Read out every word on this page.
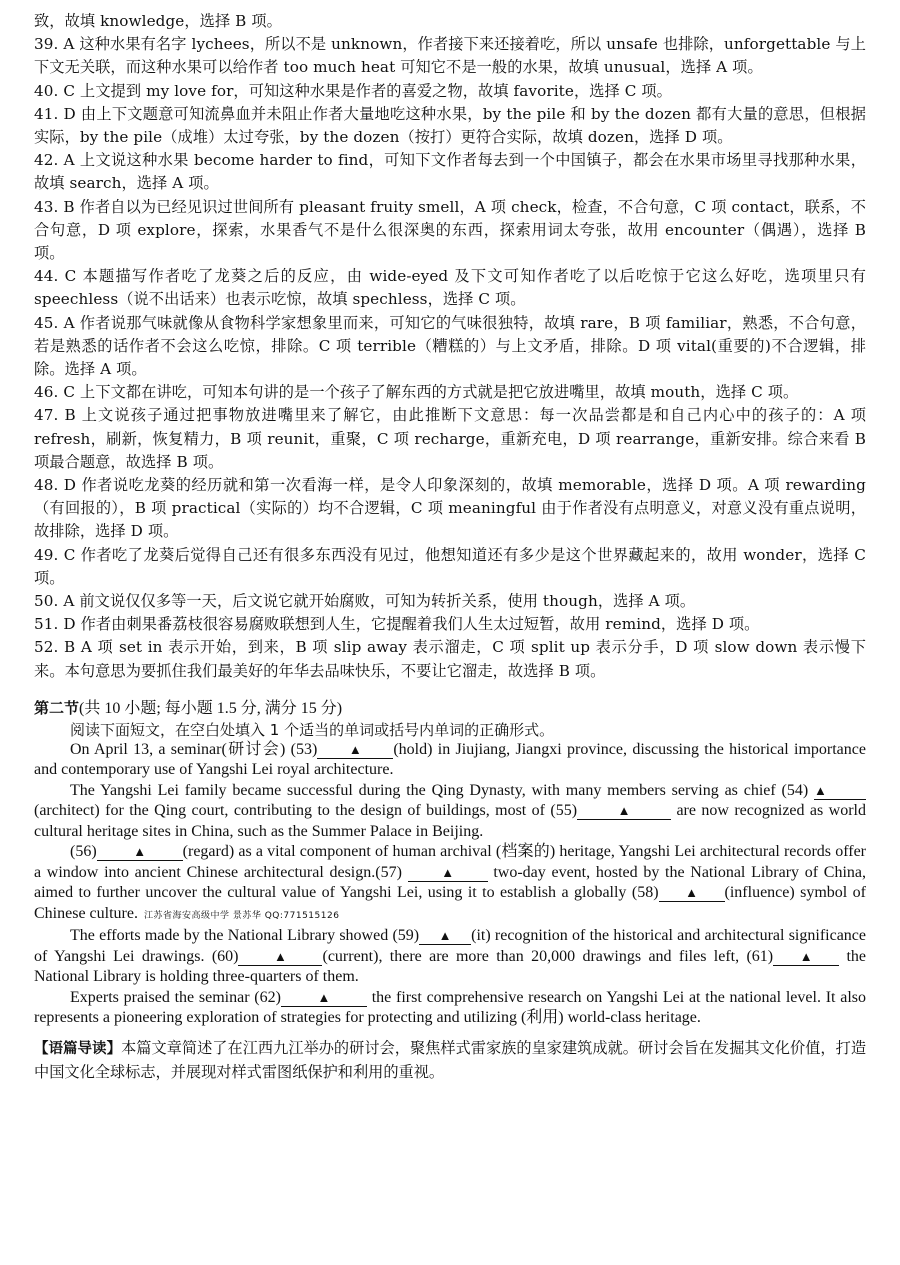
致，故填 knowledge，选择 B 项。

39. A 这种水果有名字 lychees，所以不是 unknown，作者接下来还接着吃，所以 unsafe 也排除，unforgettable 与上下文无关联，而这种水果可以给作者 too much heat 可知它不是一般的水果，故填 unusual，选择 A 项。

40. C 上文提到 my love for，可知这种水果是作者的喜爱之物，故填 favorite，选择 C 项。

41. D 由上下文题意可知流鼻血并未阻止作者大量地吃这种水果，by the pile 和 by the dozen 都有大量的意思，但根据实际，by the pile（成堆）太过夸张，by the dozen（按打）更符合实际，故填 dozen，选择 D 项。

42. A 上文说这种水果 become harder to find，可知下文作者每去到一个中国镇子，都会在水果市场里寻找那种水果，故填 search，选择 A 项。

43. B 作者自以为已经见识过世间所有 pleasant fruity smell，A 项 check，检查，不合句意，C 项 contact，联系，不合句意，D 项 explore，探索，水果香气不是什么很深奥的东西，探索用词太夸张，故用 encounter（偶遇），选择 B 项。

44. C 本题描写作者吃了龙葵之后的反应，由 wide-eyed 及下文可知作者吃了以后吃惊于它这么好吃，选项里只有 speechless（说不出话来）也表示吃惊，故填 spechless，选择 C 项。

45. A 作者说那气味就像从食物科学家想象里而来，可知它的气味很独特，故填 rare，B 项 familiar，熟悉，不合句意，若是熟悉的话作者不会这么吃惊，排除。C 项 terrible（糟糕的）与上文矛盾，排除。D 项 vital(重要的)不合逻辑，排除。选择 A 项。

46. C 上下文都在讲吃，可知本句讲的是一个孩子了解东西的方式就是把它放进嘴里，故填 mouth，选择 C 项。

47. B 上文说孩子通过把事物放进嘴里来了解它，由此推断下文意思：每一次品尝都是和自己内心中的孩子的：A 项 refresh，刷新，恢复精力，B 项 reunit，重聚，C 项 recharge，重新充电，D 项 rearrange，重新安排。综合来看 B 项最合题意，故选择 B 项。

48. D 作者说吃龙葵的经历就和第一次看海一样，是令人印象深刻的，故填 memorable，选择 D 项。A 项 rewarding（有回报的），B 项 practical（实际的）均不合逻辑，C 项 meaningful 由于作者没有点明意义，对意义没有重点说明，故排除，选择 D 项。

49. C 作者吃了龙葵后觉得自己还有很多东西没有见过，他想知道还有多少是这个世界藏起来的，故用 wonder，选择 C 项。

50. A 前文说仅仅多等一天，后文说它就开始腐败，可知为转折关系，使用 though，选择 A 项。

51. D 作者由刺果番荔枝很容易腐败联想到人生，它提醒着我们人生太过短暂，故用 remind，选择 D 项。

52. B A 项 set in 表示开始，到来，B 项 slip away 表示溜走，C 项 split up 表示分手，D 项 slow down 表示慢下来。本句意思为要抓住我们最美好的年华去品味快乐，不要让它溜走，故选择 B 项。

第二节(共 10 小题; 每小题 1.5 分, 满分 15 分)

阅读下面短文，在空白处填入 1 个适当的单词或括号内单词的正确形式。

On April 13, a seminar(研讨会) (53) ▲ (hold) in Jiujiang, Jiangxi province, discussing the historical importance and contemporary use of Yangshi Lei royal architecture.

The Yangshi Lei family became successful during the Qing Dynasty, with many members serving as chief (54) ▲(architect) for the Qing court, contributing to the design of buildings, most of (55)	▲	are now recognized as world cultural heritage sites in China, such as the Summer Palace in Beijing.

(56)	▲ (regard) as a vital component of human archival (档案的) heritage, Yangshi Lei architectural records offer a window into ancient Chinese architectural design.(57)	▲ two-day event, hosted by the National Library of China, aimed to further uncover the cultural value of Yangshi Lei, using it to establish a globally (58) ▲ (influence) symbol of Chinese culture. 江苏省海安高级中学 景苏华 QQ:771515126

The efforts made by the National Library showed (59) ▲ (it) recognition of the historical and architectural significance of Yangshi Lei drawings. (60)	▲ (current), there are more than 20,000 drawings and files left, (61) ▲ the National Library is holding three-quarters of them.

Experts praised the seminar (62)	▲	the first comprehensive research on Yangshi Lei at the national level. It also represents a pioneering exploration of strategies for protecting and utilizing (利用) world-class heritage.

【语篇导读】本篇文章简述了在江西九江举办的研讨会，聚焦样式雷家族的皇家建筑成就。研讨会旨在发掘其文化价值，打造中国文化全球标志，并展现对样式雷图纸保护和利用的重视。
